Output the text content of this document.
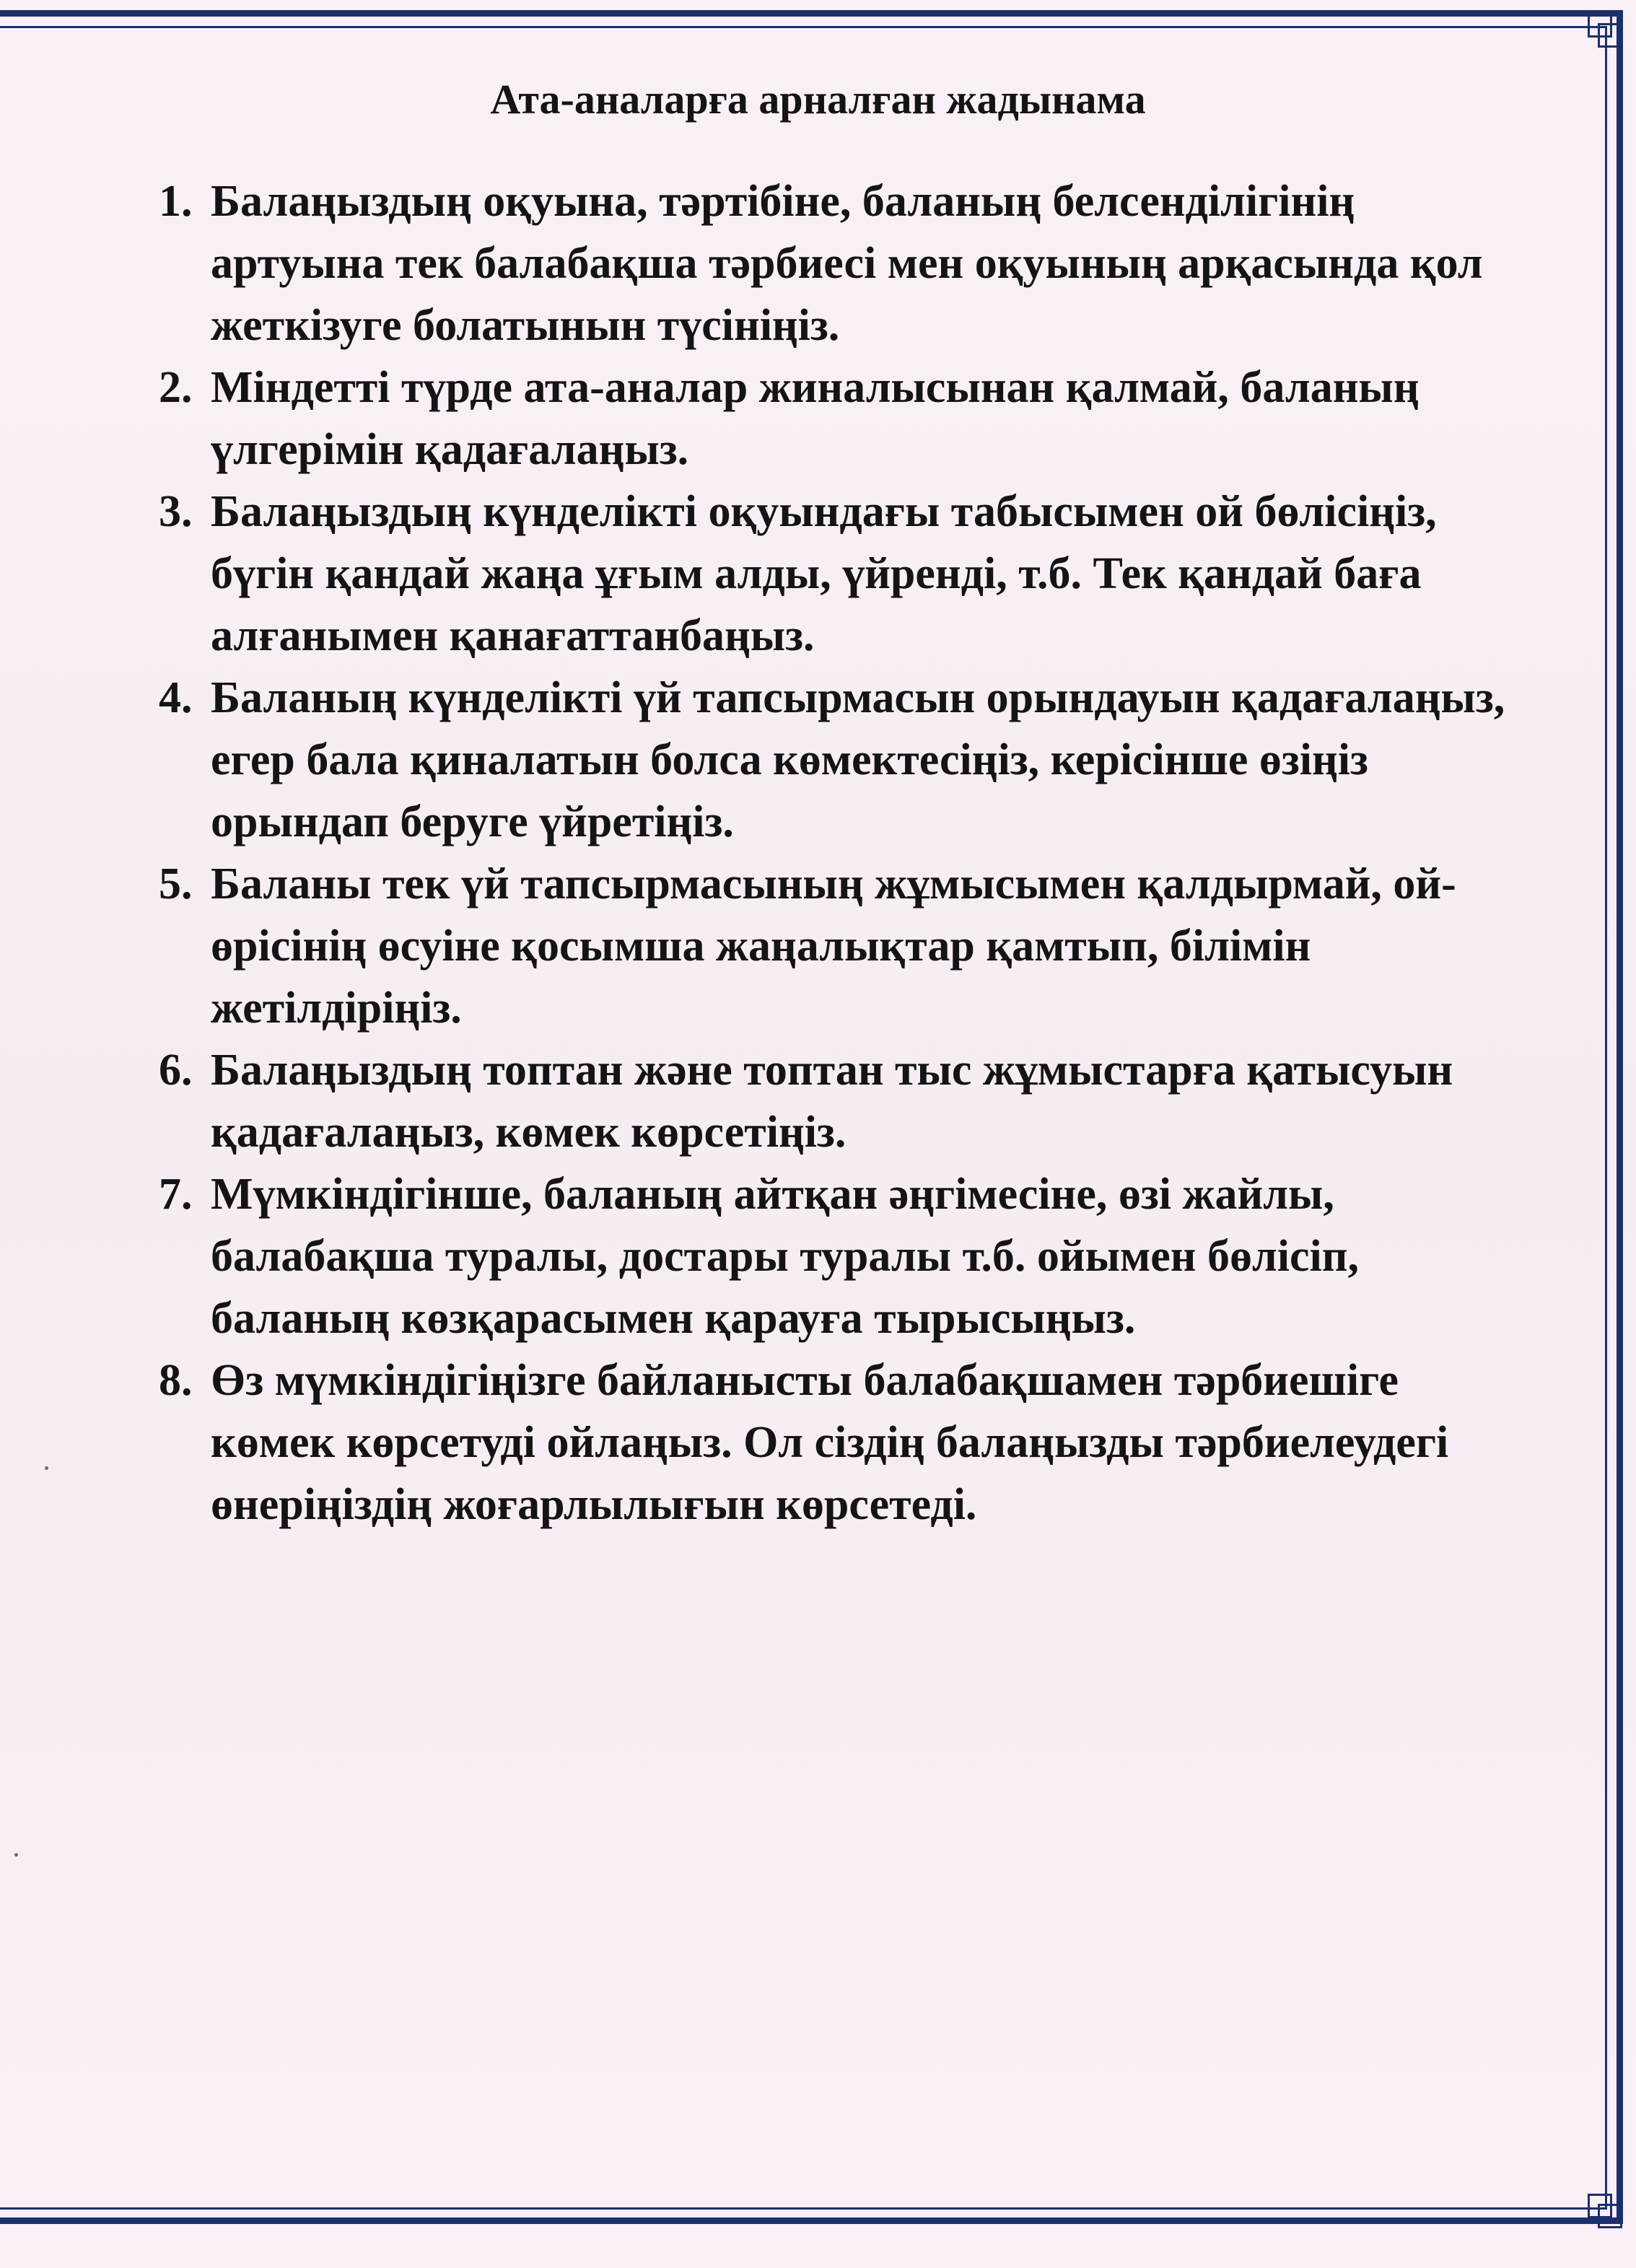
Ата-аналарға арналған жадынама
1. Балаңыздың оқуына, тәртібіне, баланың белсенділігінің артуына тек балабақша тәрбиесі мен оқуының арқасында қол жеткізуге болатынын түсініңіз.
2. Міндетті түрде ата-аналар жиналысынан қалмай, баланың үлгерімін қадағалаңыз.
3. Балаңыздың күнделікті оқуындағы табысымен ой бөлісіңіз, бүгін қандай жаңа ұғым алды, үйренді, т.б. Тек қандай баға алғанымен қанағаттанбаңыз.
4. Баланың күнделікті үй тапсырмасын орындауын қадағалаңыз, егер бала қиналатын болса көмектесіңіз, керісінше өзіңіз орындап беруге үйретіңіз.
5. Баланы тек үй тапсырмасының жұмысымен қалдырмай, ой-өрісінің өсуіне қосымша жаңалықтар қамтып, білімін жетілдіріңіз.
6. Балаңыздың топтан және топтан тыс жұмыстарға қатысуын қадағалаңыз, көмек көрсетіңіз.
7. Мүмкіндігінше, баланың айтқан әңгімесіне, өзі жайлы, балабақша туралы, достары туралы т.б. ойымен бөлісіп, баланың көзқарасымен қарауға тырысыңыз.
8. Өз мүмкіндігіңізге байланысты балабақшамен тәрбиешіге көмек көрсетуді ойлаңыз. Ол сіздің балаңызды тәрбиелеудегі өнеріңіздің жоғарлылығын көрсетеді.
